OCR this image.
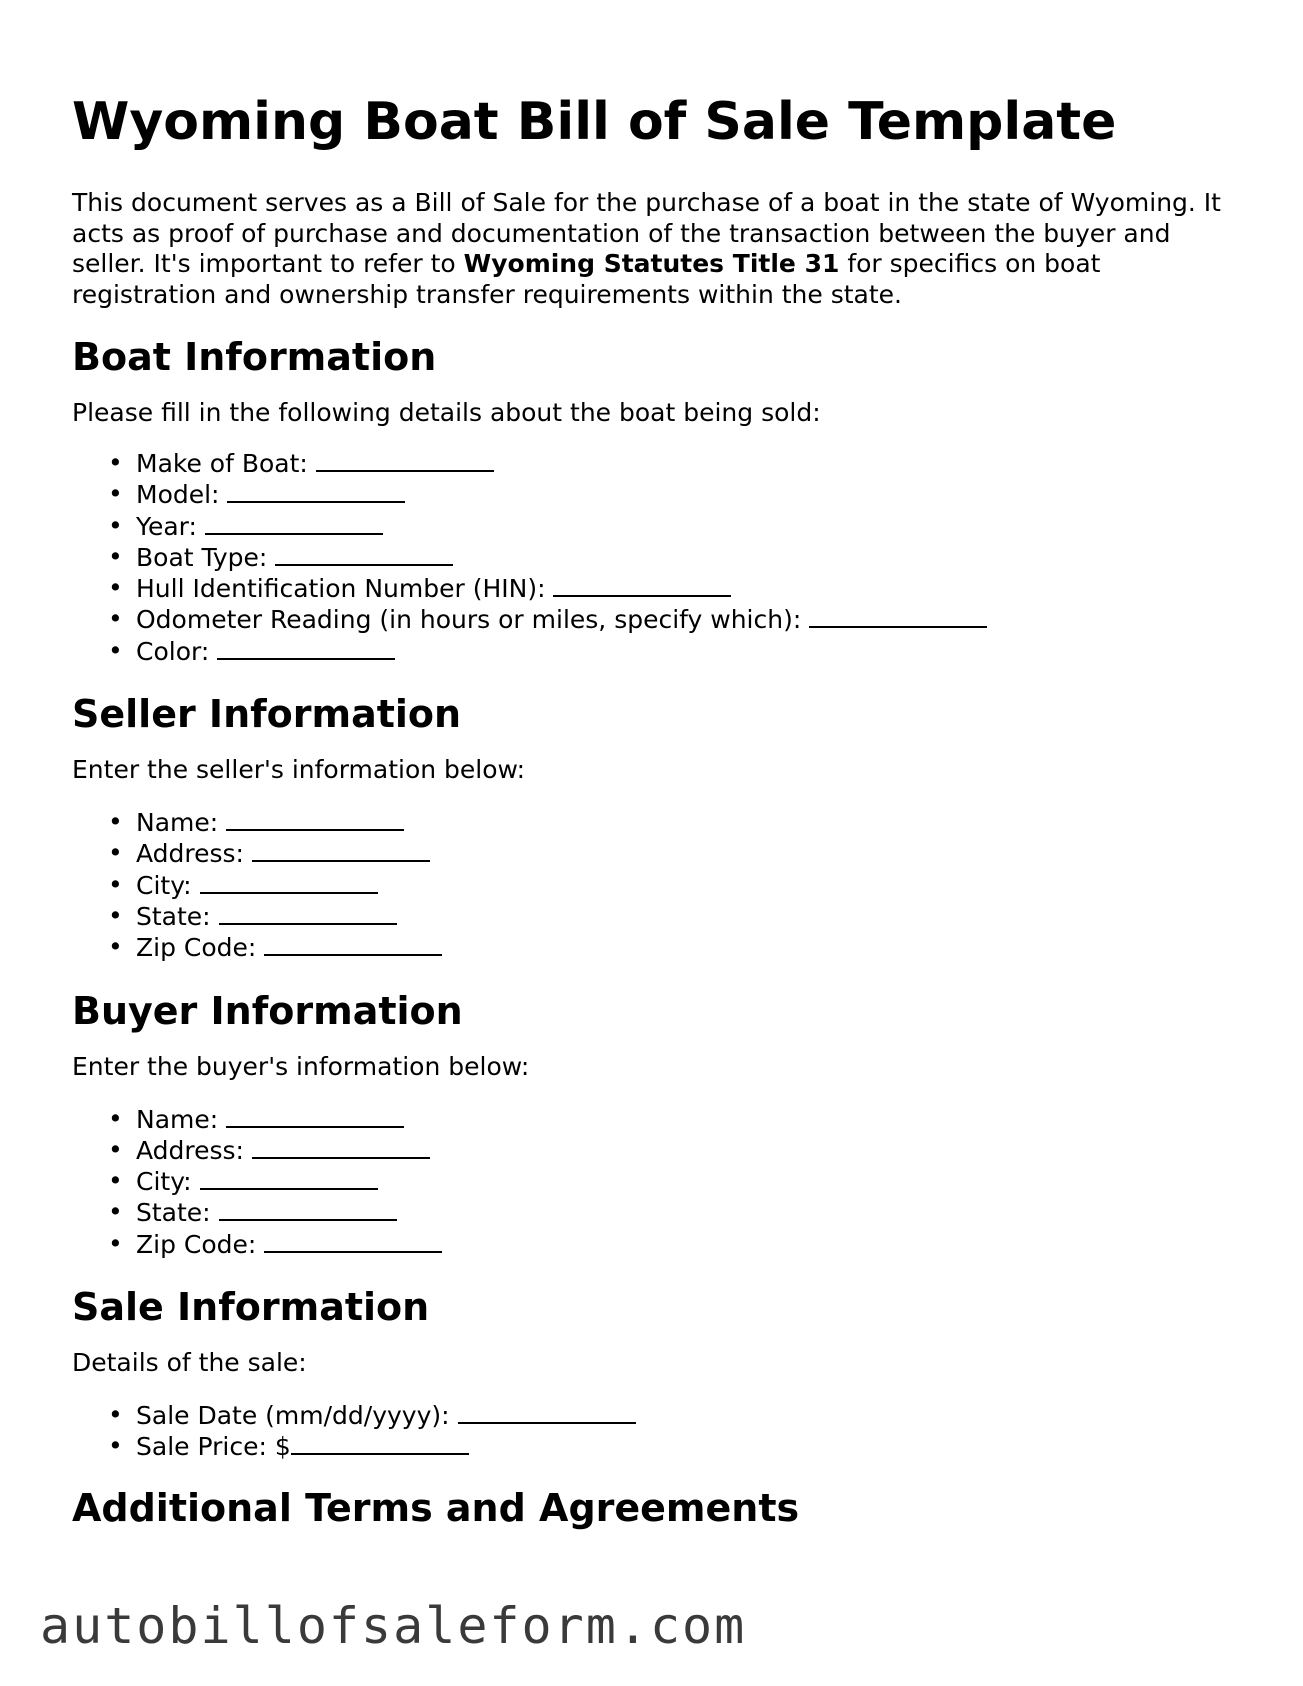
Wyoming Boat Bill of Sale Template

This document serves as a Bill of Sale for the purchase of a boat in the state of Wyoming. It acts as proof of purchase and documentation of the transaction between the buyer and seller. It's important to refer to Wyoming Statutes Title 31 for specifics on boat registration and ownership transfer requirements within the state.

Boat Information

Please fill in the following details about the boat being sold:

• Make of Boat:
• Model:
• Year:
• Boat Type:
• Hull Identification Number (HIN):
• Odometer Reading (in hours or miles, specify which):
• Color:
Seller Information

Enter the seller's information below:

• Name:
• Address:
• City:
• State:
• Zip Code:
Buyer Information

Enter the buyer's information below:

• Name:
• Address:
• City:
• State:
• Zip Code:
Sale Information

Details of the sale:

• Sale Date (mm/dd/yyyy):
• Sale Price: $
Additional Terms and Agreements
autobillofsaleform.com
